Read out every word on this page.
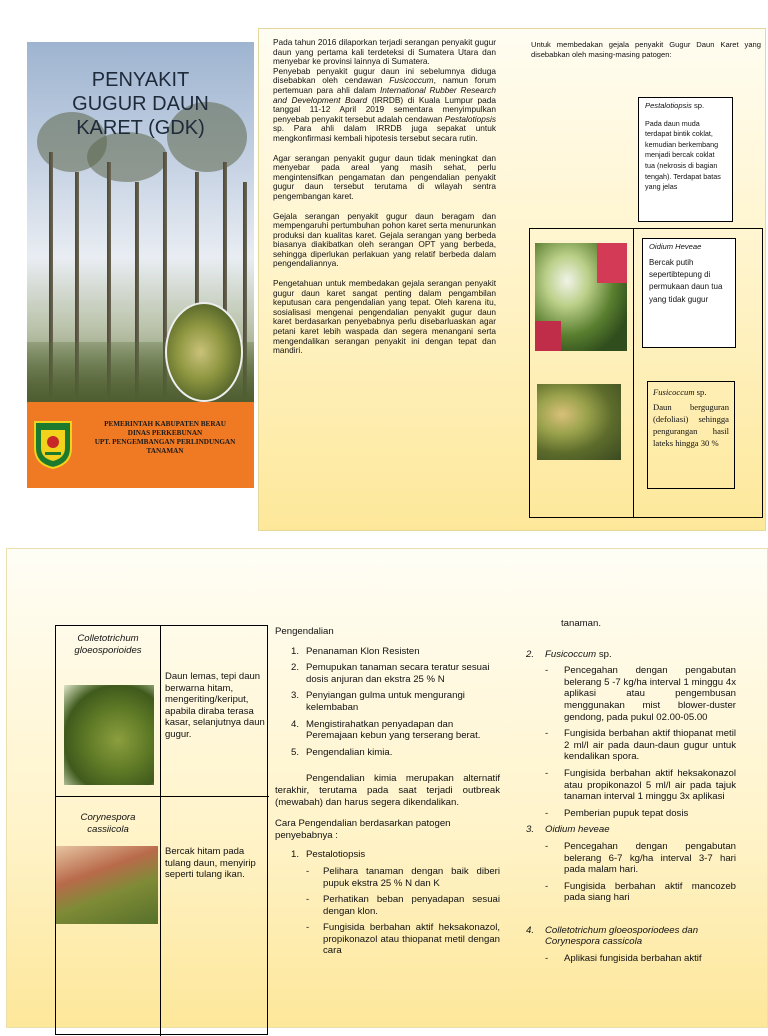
PENYAKIT
GUGUR DAUN
KARET (GDK)
PEMERINTAH KABUPATEN BERAU
DINAS PERKEBUNAN
UPT. PENGEMBANGAN PERLINDUNGAN
TANAMAN
Pada tahun 2016 dilaporkan terjadi serangan penyakit gugur daun yang pertama kali terdeteksi di Sumatera Utara dan menyebar ke provinsi lainnya di Sumatera.
Penyebab penyakit gugur daun ini sebelumnya diduga disebabkan oleh cendawan Fusicoccum, namun forum pertemuan para ahli dalam International Rubber Research and Development Board (IRRDB) di Kuala Lumpur pada tanggal 11-12 April 2019 sementara menyimpulkan penyebab penyakit tersebut adalah cendawan Pestalotiopsis sp. Para ahli dalam IRRDB juga sepakat untuk mengkonfirmasi kembali hipotesis tersebut secara rutin.
Agar serangan penyakit gugur daun tidak meningkat dan menyebar pada areal yang masih sehat, perlu mengintensifkan pengamatan dan pengendalian penyakit gugur daun tersebut terutama di wilayah sentra pengembangan karet.
Gejala serangan penyakit gugur daun beragam dan mempengaruhi pertumbuhan pohon karet serta menurunkan produksi dan kualitas karet. Gejala serangan yang berbeda biasanya diakibatkan oleh serangan OPT yang berbeda, sehingga diperlukan perlakuan yang relatif berbeda dalam pengendaliannya.
Pengetahuan untuk membedakan gejala serangan penyakit gugur daun karet sangat penting dalam pengambilan keputusan cara pengendalian yang tepat. Oleh karena itu, sosialisasi mengenai pengendalian penyakit gugur daun karet berdasarkan penyebabnya perlu disebarluaskan agar petani karet lebih waspada dan segera menangani serta mengendalikan serangan penyakit ini dengan tepat dan mandiri.
Untuk membedakan gejala penyakit Gugur Daun Karet yang disebabkan oleh masing-masing patogen:
Pestalotiopsis sp.
Pada daun muda terdapat bintik coklat, kemudian berkembang menjadi bercak coklat tua (nekrosis di bagian tengah). Terdapat batas yang jelas
Oidium Heveae
Bercak putih sepertibtepung di permukaan daun tua yang tidak gugur
Fusicoccum sp.
Daun berguguran (defoliasi) sehingga pengurangan hasil lateks hingga 30 %
Colletotrichum gloeosporioides
Daun lemas, tepi daun berwarna hitam, mengeriting/keriput, apabila diraba terasa kasar, selanjutnya daun gugur.
Corynespora cassiicola
Bercak hitam pada tulang daun, menyirip seperti tulang ikan.
Pengendalian
1. Penanaman Klon Resisten
2. Pemupukan tanaman secara teratur sesuai dosis anjuran dan ekstra 25 % N
3. Penyiangan gulma untuk mengurangi kelembaban
4. Mengistirahatkan penyadapan dan Peremajaan kebun yang terserang berat.
5. Pengendalian kimia.
Pengendalian kimia merupakan alternatif terakhir, terutama pada saat terjadi outbreak (mewabah) dan harus segera dikendalikan.
Cara Pengendalian berdasarkan patogen penyebabnya :
1. Pestalotiopsis
- Pelihara tanaman dengan baik diberi pupuk ekstra 25 % N dan K
- Perhatikan beban penyadapan sesuai dengan klon.
- Fungisida berbahan aktif heksakonazol, propikonazol atau thiopanat metil dengan cara
tanaman.
2. Fusicoccum sp.
- Pencegahan dengan pengabutan belerang 5 -7 kg/ha interval 1 minggu 4x aplikasi atau pengembusan menggunakan mist blower-duster gendong, pada pukul 02.00-05.00
- Fungisida berbahan aktif thiopanat metil 2 ml/l air pada daun-daun gugur untuk kendalikan spora.
- Fungisida berbahan aktif heksakonazol atau propikonazol 5 ml/l air pada tajuk tanaman interval 1 minggu 3x aplikasi
- Pemberian pupuk tepat dosis
3. Oidium heveae
- Pencegahan dengan pengabutan belerang 6-7 kg/ha interval 3-7 hari pada malam hari.
- Fungisida berbahan aktif mancozeb pada siang hari
4. Colletotrichum gloeosporiodees dan Corynespora cassicola
- Aplikasi fungisida berbahan aktif
